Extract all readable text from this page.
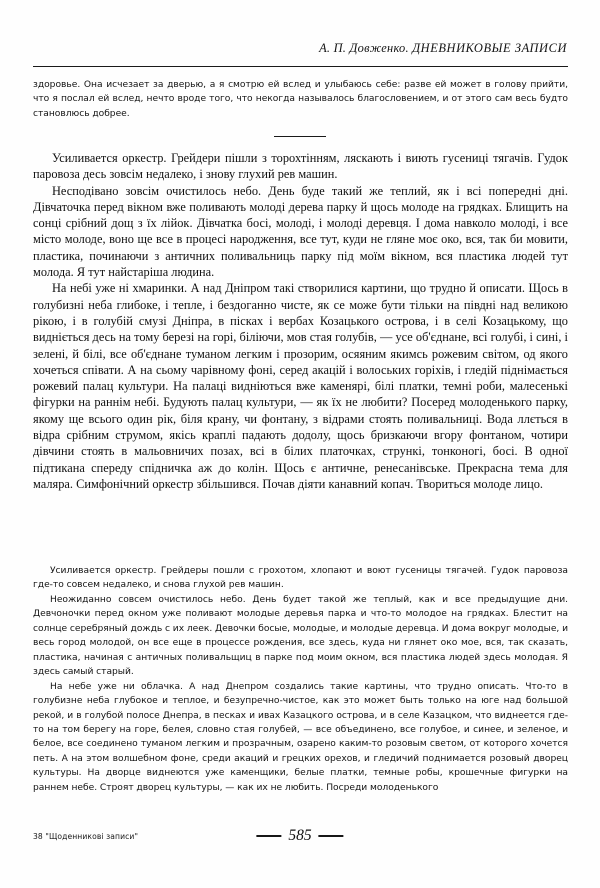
А. П. Довженко. ДНЕВНИКОВЫЕ ЗАПИСИ

здоровье. Она исчезает за дверью, а я смотрю ей вслед и улыбаюсь себе: разве ей может в голову прийти, что я послал ей вслед, нечто вроде того, что некогда называлось благословением, и от этого сам весь будто становлюсь добрее.

Усиливается оркестр. Грейдери пішли з торохтінням, ляскають і виють гусениці тягачів. Гудок паровоза десь зовсім недалеко, і знову глухий рев машин.

Несподівано зовсім очистилось небо. День буде такий же теплий, як і всі попередні дні. Дівчаточка перед вікном вже поливають молоді дерева парку й щось молоде на грядках. Блищить на сонці срібний дощ з їх лійок. Дівчатка босі, молоді, і молоді деревця. І дома навколо молоді, і все місто молоде, воно ще все в процесі народження, все тут, куди не гляне моє око, вся, так би мовити, пластика, починаючи з античних поливальниць парку під моїм вікном, вся пластика людей тут молода. Я тут найстаріша людина.

На небі уже ні хмаринки. А над Дніпром такі створилися картини, що трудно й описати. Щось в голубизні неба глибоке, і тепле, і бездоганно чисте, як се може бути тільки на півдні над великою рікою, і в голубій смузі Дніпра, в пісках і вербах Козацького острова, і в селі Козацькому, що виднієтьcя десь на тому березі на горі, біліючи, мов стая голубів, — усе об'єднане, всі голубі, і сині, і зелені, й білі, все об'єднане туманом легким і прозорим, осяяним якимсь рожевим світом, од якого хочеться співати. А на сьому чарівному фоні, серед акацій і волоських горіхів, і гледій піднімається рожевий палац культури. На палаці видніються вже каменярі, білі платки, темні роби, малесенькі фігурки на раннім небі. Будують палац культури, — як їх не любити? Посеред молоденького парку, якому ще всього один рік, біля крану, чи фонтану, з відрами стоять поливальниці. Вода ллється в відра срібним струмом, якісь краплі падають додолу, щось бризкаючи вгору фонтаном, чотири дівчини стоять в мальовничих позах, всі в білих платочках, стрункі, тонконогі, босі. В одної підтикана спереду спідничка аж до колін. Щось є античне, ренесанівське. Прекрасна тема для маляра. Симфонічний оркестр збільшився. Почав діяти канавний копач. Твориться молоде лицо.

Усиливается оркестр. Грейдеры пошли с грохотом, хлопают и воют гусеницы тягачей. Гудок паровоза где-то совсем недалеко, и снова глухой рев машин.

Неожиданно совсем очистилось небо. День будет такой же теплый, как и все предыдущие дни. Девчоночки перед окном уже поливают молодые деревья парка и что-то молодое на грядках. Блестит на солнце серебряный дождь с их леек. Девочки босые, молодые, и молодые деревца. И дома вокруг молодые, и весь город молодой, он все еще в процессе рождения, все здесь, куда ни глянет око мое, вся, так сказать, пластика, начиная с античных поливальщиц в парке под моим окном, вся пластика людей здесь молодая. Я здесь самый старый.

На небе уже ни облачка. А над Днепром создались такие картины, что трудно описать. Что-то в голубизне неба глубокое и теплое, и безупречно-чистое, как это может быть только на юге над большой рекой, и в голубой полосе Днепра, в песках и ивах Казацкого острова, и в селе Казацком, что виднеется где-то на том берегу на горе, белея, словно стая голубей, — все объединено, все голубое, и синее, и зеленое, и белое, все соединено туманом легким и прозрачным, озарено каким-то розовым светом, от которого хочется петь. А на этом волшебном фоне, среди акаций и грецких орехов, и гледичий поднимается розовый дворец культуры. На дворце виднеются уже каменщики, белые платки, темные робы, крошечные фигурки на раннем небе. Строят дворец культуры, — как их не любить. Посреди молоденького

38 "Щоденникові записи"	585
